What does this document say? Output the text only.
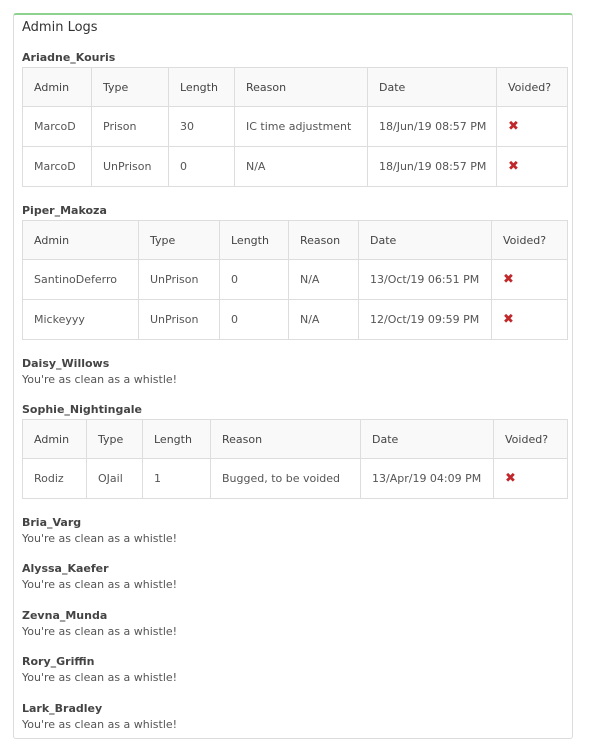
Admin Logs
Ariadne_Kouris
Admin	Type	Length	Reason	Date	Voided?
MarcoD	Prison	30	IC time adjustment	18/Jun/19 08:57 PM	✖
MarcoD	UnPrison	0	N/A	18/Jun/19 08:57 PM	✖
Piper_Makoza
Admin	Type	Length	Reason	Date	Voided?
SantinoDeferro	UnPrison	0	N/A	13/Oct/19 06:51 PM	✖
Mickeyyy	UnPrison	0	N/A	12/Oct/19 09:59 PM	✖
Daisy_Willows
You're as clean as a whistle!
Sophie_Nightingale
Admin	Type	Length	Reason	Date	Voided?
Rodiz	OJail	1	Bugged, to be voided	13/Apr/19 04:09 PM	✖
Bria_Varg
You're as clean as a whistle!
Alyssa_Kaefer
You're as clean as a whistle!
Zevna_Munda
You're as clean as a whistle!
Rory_Griffin
You're as clean as a whistle!
Lark_Bradley
You're as clean as a whistle!
